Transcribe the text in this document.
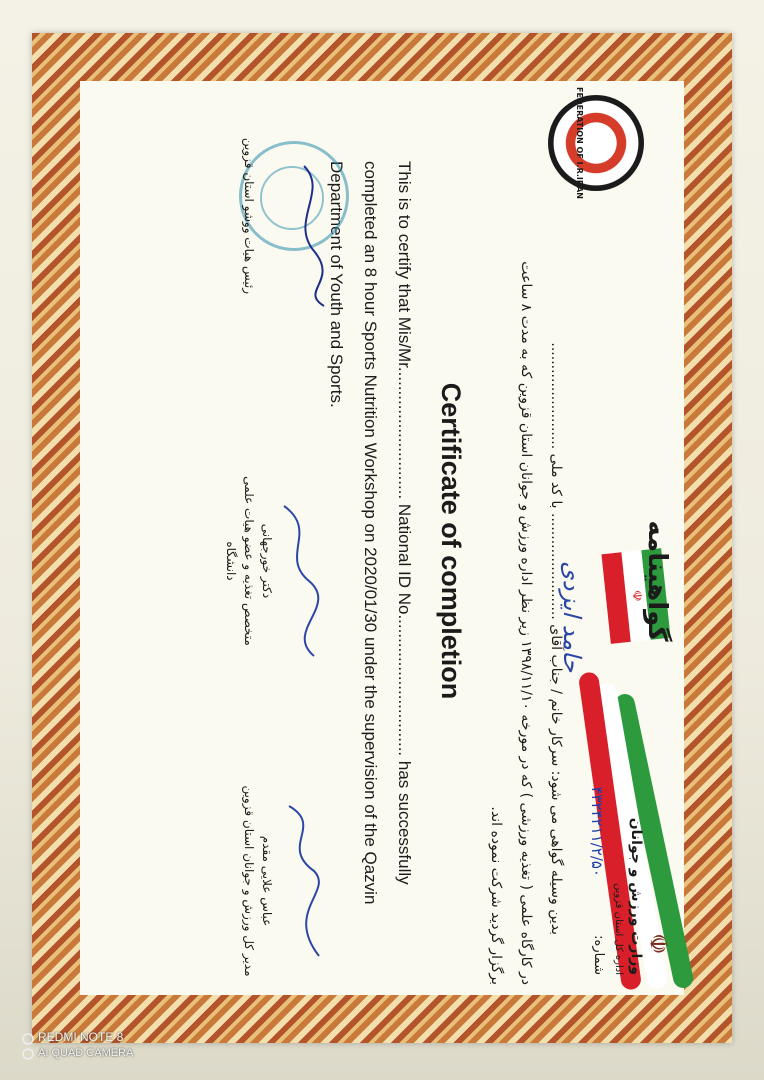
☫
گواهینامه
☫
وزارت ورزش و جوانان
اداره کل استان قزوین
شماره:
۴۳۲۴۲۱۱/۲/۵۰
بدین وسیله گواهی می شود: سرکار خانم / جناب آقای ........................ با کد ملی ........................
حامد ایزدی
در کارگاه علمی ( تغذیه ورزشی ) که در مورخه ۱۳۹۸/۱۱/۱۰ زیر نظر اداره ورزش و جوانان استان قزوین که به مدت ۸ ساعت
برگزار گردید شرکت نموده اند.
Certificate of completion
This is to certify that Mis/Mr............................ National ID No.............................. has successfully
completed an 8 hour Sports Nutrition Workshop on 2020/01/30 under the supervision of the Qazvin
Department of Youth and Sports.
FEDERATION OF I.R.IRAN
رئیس هیات ووشو استان قزوین
دکتر خورجهانی
متخصص تغذیه و عضو هیات علمی
دانشگاه
عباس علایی مقدم
مدیر کل ورزش و جوانان استان قزوین
REDMI NOTE 8
AI QUAD CAMERA
